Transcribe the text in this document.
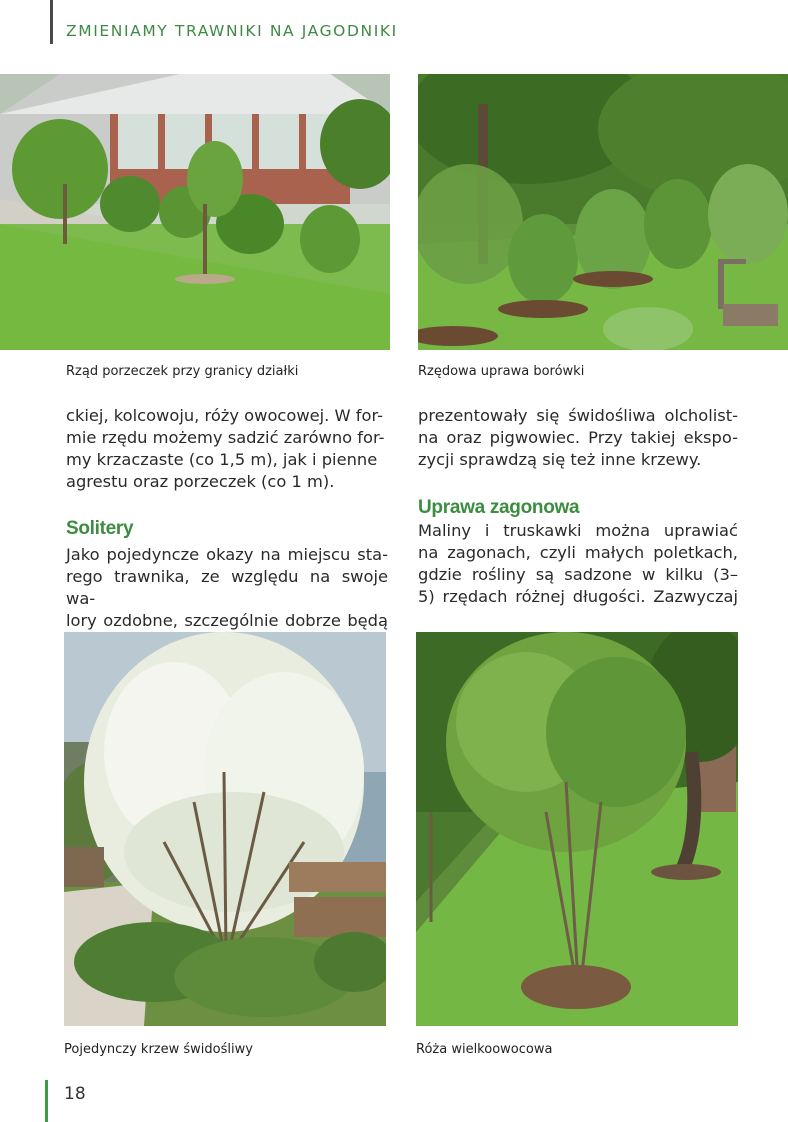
ZMIENIAMY TRAWNIKI NA JAGODNIKI
Rząd porzeczek przy granicy działki	Rzędowa uprawa borówki

ckiej, kolcowoju, róży owocowej. W for-

mie rzędu możemy sadzić zarówno for-

my krzaczaste (co 1,5 m), jak i pienne

agrestu oraz porzeczek (co 1 m).

Solitery

Jako pojedyncze okazy na miejscu sta-

rego trawnika, ze względu na swoje wa-

lory ozdobne, szczególnie dobrze będą

prezentowały się świdośliwa olcholist-

na oraz pigwowiec. Przy takiej ekspo-

zycji sprawdzą się też inne krzewy.

Uprawa zagonowa

Maliny i truskawki można uprawiać

na zagonach, czyli małych poletkach,

gdzie rośliny są sadzone w kilku (3–

5) rzędach różnej długości. Zazwyczaj

Pojedynczy krzew świdośliwy	Róża wielkoowocowa
18
